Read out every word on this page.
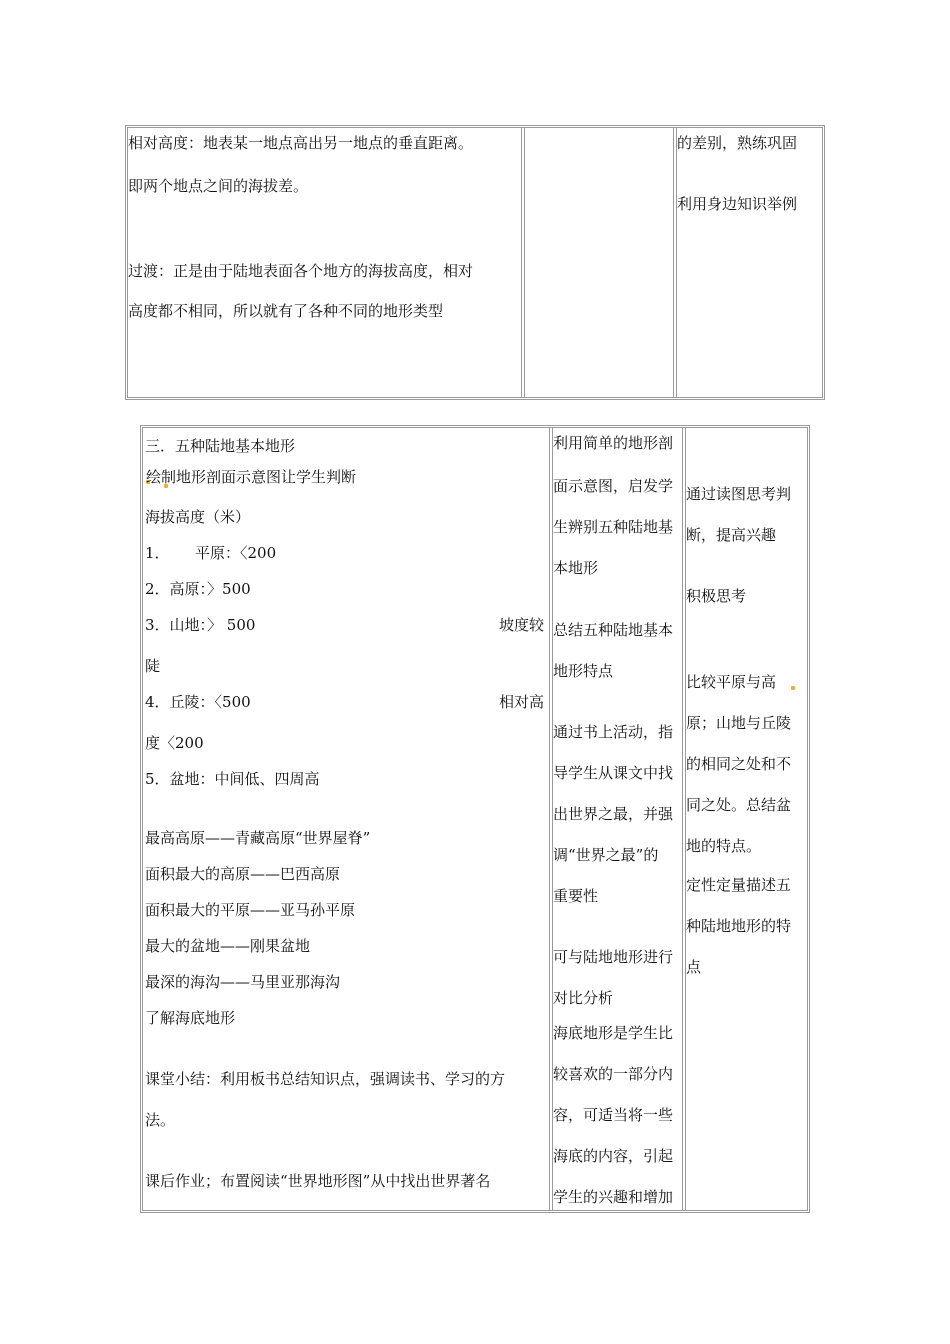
相对高度：地表某一地点高出另一地点的垂直距离。
即两个地点之间的海拔差。
过渡：正是由于陆地表面各个地方的海拔高度，相对
高度都不相同，所以就有了各种不同的地形类型
的差别，熟练巩固
利用身边知识举例
三．五种陆地基本地形
绘制地形剖面示意图让学生判断
海拔高度（米）
1． 平原：〈200
2．高原：〉500
3．山地：〉 500	坡度较
陡
4．丘陵：〈500	相对高
度〈200
5．盆地：中间低、四周高
最高高原——青藏高原“世界屋脊”
面积最大的高原——巴西高原
面积最大的平原——亚马孙平原
最大的盆地——刚果盆地
最深的海沟——马里亚那海沟
了解海底地形
课堂小结：利用板书总结知识点，强调读书、学习的方
法。
课后作业；布置阅读“世界地形图”从中找出世界著名
利用简单的地形剖
面示意图，启发学
生辨别五种陆地基
本地形
总结五种陆地基本
地形特点
通过书上活动，指
导学生从课文中找
出世界之最，并强
调“世界之最”的
重要性
可与陆地地形进行
对比分析
海底地形是学生比
较喜欢的一部分内
容，可适当将一些
海底的内容，引起
学生的兴趣和增加
通过读图思考判
断，提高兴趣
积极思考
比较平原与高
原；山地与丘陵
的相同之处和不
同之处。总结盆
地的特点。
定性定量描述五
种陆地地形的特
点
